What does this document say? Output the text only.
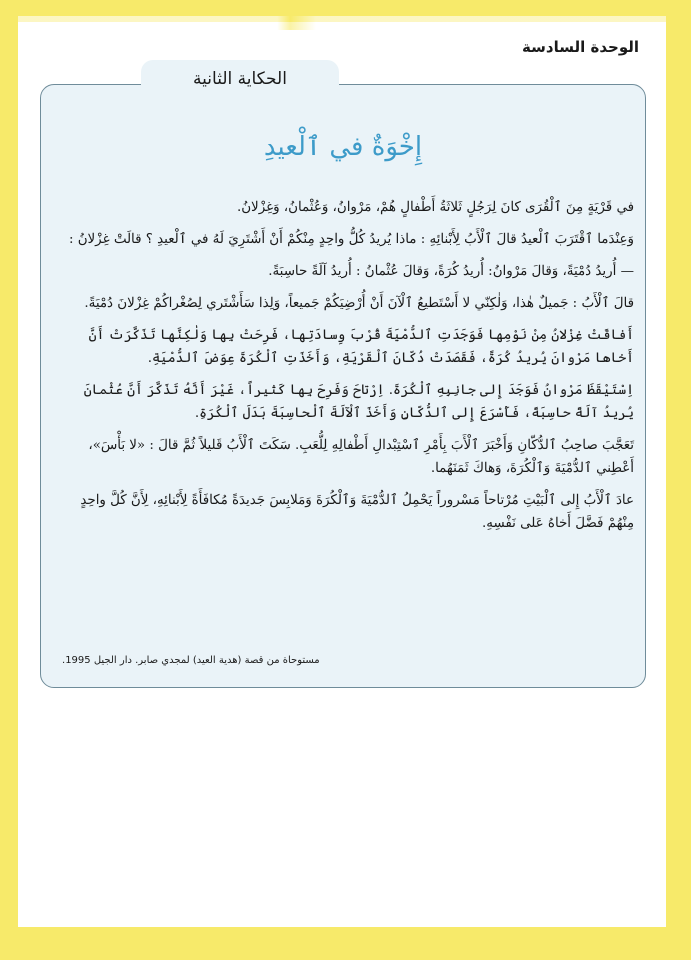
الوحدة السادسة
الحكاية الثانية
إِخْوَةٌ في ٱلْعيدِ

في قَرْيَةٍ مِنَ ٱلْقُرَى كانَ لِرَجُلٍ ثَلاثَةُ أَطْفالٍ هُمْ، مَرْوانُ، وَعُثْمانُ، وَغِزْلانُ.

وَعِنْدَما ٱقْتَرَبَ ٱلْعيدُ قالَ ٱلْأَبُ لِأَبْنائِهِ : ماذا يُريدُ كُلُّ واحِدٍ مِنْكُمْ أَنْ أَشْتَرِيَ لَهُ في ٱلْعيدِ ؟ قالَتْ غِزْلانُ :

— أُريدُ دُمْيَةً، وَقالَ مَرْوانُ: أُريدُ كُرَةً، وَقالَ عُثْمانُ : أُريدُ آلَةً حاسِبَةً.

قالَ ٱلْأَبُ : جَميلٌ هٰذا، وَلٰكِنّي لا أَسْتَطيعُ ٱلْآنَ أَنْ أُرْضِيَكُمْ جَميعاً، وَلِذا سَأَشْتَري لِصُغْراكُمْ غِزْلانَ دُمْيَةً.

أَفاقَتْ غِزْلانُ مِنْ نَوْمِها فَوَجَدَتِ ٱلدُّمْيَةَ قُرْبَ وِسادَتِها، فَرِحَتْ بِها وَلٰكِنَّها تَذَكَّرَتْ أَنَّ أَخاها مَرْوانَ يُريدُ كُرَةً، فَقَصَدَتْ دُكّانَ ٱلْقَرْيَةِ، وَأَخَذَتِ ٱلْكُرَةَ عِوَضَ ٱلدُّمْيَةِ.

اِسْتَيْقَظَ مَرْوانُ فَوَجَدَ إِلى جانِبِهِ ٱلْكُرَةَ. اِرْتاحَ وَفَرِحَ بِها كَثيراً، غَيْرَ أَنَّهُ تَذَكَّرَ أَنَّ عُثْمانَ يُريدُ آلَةً حاسِبَةً، فَأَسْرَعَ إِلى ٱلدُّكّانِ وَأَخَذَ ٱلْآلَةَ ٱلْحاسِبَةَ بَدَلَ ٱلْكُرَةِ.

تَعَجَّبَ صاحِبُ ٱلدُّكّانِ وَأَخْبَرَ ٱلْأَبَ بِأَمْرِ ٱسْتِبْدالِ أَطْفالِهِ لِلُّعَبِ. سَكَتَ ٱلْأَبُ قَليلاً ثُمَّ قالَ : «لا بَأْسَ»، أَعْطِني ٱلدُّمْيَةَ وَٱلْكُرَةَ، وَهاكَ ثَمَنَهُما.

عادَ ٱلْأَبُ إِلى ٱلْبَيْتِ مُرْتاحاً مَسْروراً يَحْمِلُ ٱلدُّمْيَةَ وَٱلْكُرَةَ وَمَلابِسَ جَديدَةً مُكافَأَةً لِأَبْنائِهِ، لِأَنَّ كُلَّ واحِدٍ مِنْهُمْ فَضَّلَ أَخاهُ عَلى نَفْسِهِ.

مستوحاة من قصة (هدية العيد) لمجدي صابر. دار الجيل 1995.
